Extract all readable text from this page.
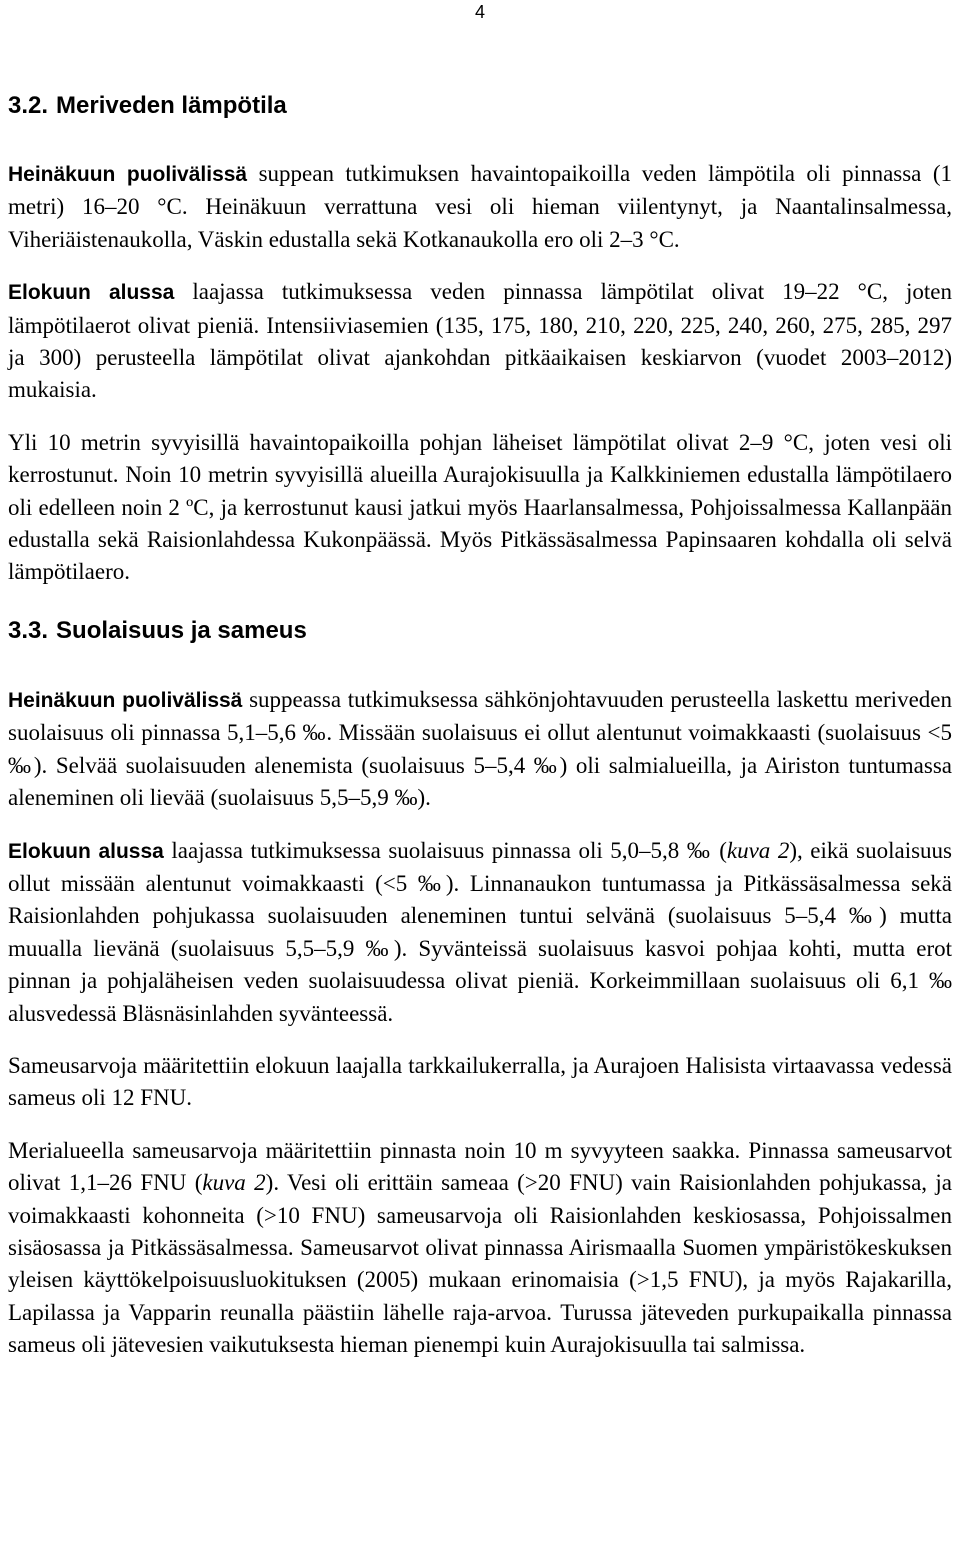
4
3.2. Meriveden lämpötila

Heinäkuun puolivälissä suppean tutkimuksen havaintopaikoilla veden lämpötila oli pinnassa (1 metri) 16–20 °C. Heinäkuun verrattuna vesi oli hieman viilentynyt, ja Naantalinsalmessa, Viheriäistenaukolla, Väskin edustalla sekä Kotkanaukolla ero oli 2–3 °C.

Elokuun alussa laajassa tutkimuksessa veden pinnassa lämpötilat olivat 19–22 °C, joten lämpötilaerot olivat pieniä. Intensiiviasemien (135, 175, 180, 210, 220, 225, 240, 260, 275, 285, 297 ja 300) perusteella lämpötilat olivat ajankohdan pitkäaikaisen keskiarvon (vuodet 2003–2012) mukaisia.

Yli 10 metrin syvyisillä havaintopaikoilla pohjan läheiset lämpötilat olivat 2–9 °C, joten vesi oli kerrostunut. Noin 10 metrin syvyisillä alueilla Aurajokisuulla ja Kalkkiniemen edustalla lämpötilaero oli edelleen noin 2 ºC, ja kerrostunut kausi jatkui myös Haarlansalmessa, Pohjoissalmessa Kallanpään edustalla sekä Raisionlahdessa Kukonpäässä. Myös Pitkässäsalmessa Papinsaaren kohdalla oli selvä lämpötilaero.

3.3. Suolaisuus ja sameus

Heinäkuun puolivälissä suppeassa tutkimuksessa sähkönjohtavuuden perusteella laskettu meriveden suolaisuus oli pinnassa 5,1–5,6 ‰. Missään suolaisuus ei ollut alentunut voimakkaasti (suolaisuus <5 ‰). Selvää suolaisuuden alenemista (suolaisuus 5–5,4 ‰) oli salmialueilla, ja Airiston tuntumassa aleneminen oli lievää (suolaisuus 5,5–5,9 ‰).

Elokuun alussa laajassa tutkimuksessa suolaisuus pinnassa oli 5,0–5,8 ‰ (kuva 2), eikä suolaisuus ollut missään alentunut voimakkaasti (<5 ‰). Linnanaukon tuntumassa ja Pitkässäsalmessa sekä Raisionlahden pohjukassa suolaisuuden aleneminen tuntui selvänä (suolaisuus 5–5,4 ‰) mutta muualla lievänä (suolaisuus 5,5–5,9 ‰). Syvänteissä suolaisuus kasvoi pohjaa kohti, mutta erot pinnan ja pohjaläheisen veden suolaisuudessa olivat pieniä. Korkeimmillaan suolaisuus oli 6,1 ‰ alusvedessä Bläsnäsinlahden syvänteessä.

Sameusarvoja määritettiin elokuun laajalla tarkkailukerralla, ja Aurajoen Halisista virtaavassa vedessä sameus oli 12 FNU.

Merialueella sameusarvoja määritettiin pinnasta noin 10 m syvyyteen saakka. Pinnassa sameusarvot olivat 1,1–26 FNU (kuva 2). Vesi oli erittäin sameaa (>20 FNU) vain Raisionlahden pohjukassa, ja voimakkaasti kohonneita (>10 FNU) sameusarvoja oli Raisionlahden keskiosassa, Pohjoissalmen sisäosassa ja Pitkässäsalmessa. Sameusarvot olivat pinnassa Airismaalla Suomen ympäristökeskuksen yleisen käyttökelpoisuusluokituksen (2005) mukaan erinomaisia (>1,5 FNU), ja myös Rajakarilla, Lapilassa ja Vapparin reunalla päästiin lähelle raja-arvoa. Turussa jäteveden purkupaikalla pinnassa sameus oli jätevesien vaikutuksesta hieman pienempi kuin Aurajokisuulla tai salmissa.
